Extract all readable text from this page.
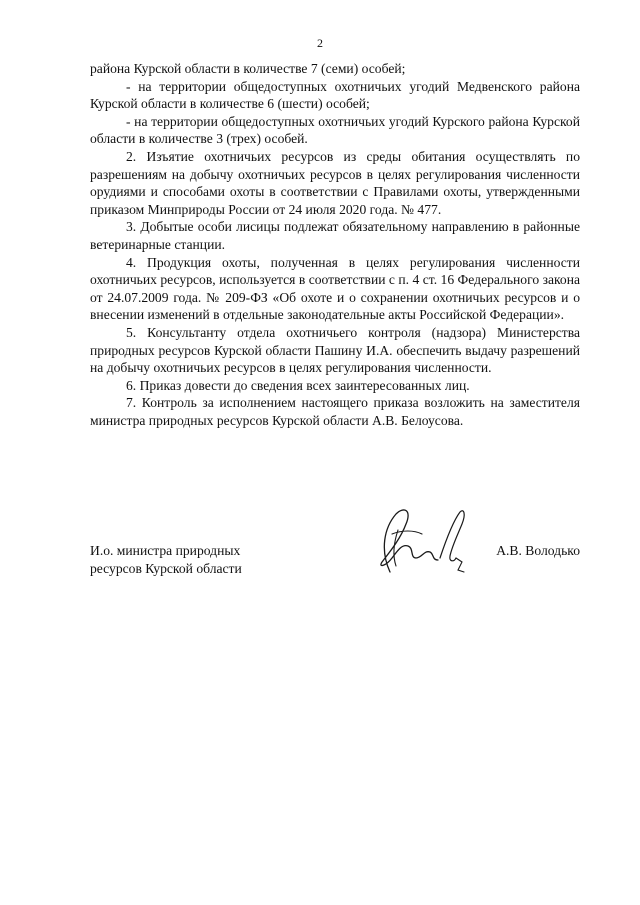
2

района Курской области в количестве 7 (семи) особей;

- на территории общедоступных охотничьих угодий Медвенского района Курской области в количестве 6 (шести) особей;

- на территории общедоступных охотничьих угодий Курского района Курской области в количестве 3 (трех) особей.

2. Изъятие охотничьих ресурсов из среды обитания осуществлять по разрешениям на добычу охотничьих ресурсов в целях регулирования численности орудиями и способами охоты в соответствии с Правилами охоты, утвержденными приказом Минприроды России от 24 июля 2020 года. № 477.

3. Добытые особи лисицы подлежат обязательному направлению в районные ветеринарные станции.

4. Продукция охоты, полученная в целях регулирования численности охотничьих ресурсов, используется в соответствии с п. 4 ст. 16 Федерального закона от 24.07.2009 года. № 209-ФЗ «Об охоте и о сохранении охотничьих ресурсов и о внесении изменений в отдельные законодательные акты Российской Федерации».

5. Консультанту отдела охотничьего контроля (надзора) Министерства природных ресурсов Курской области Пашину И.А. обеспечить выдачу разрешений на добычу охотничьих ресурсов в целях регулирования численности.

6. Приказ довести до сведения всех заинтересованных лиц.

7. Контроль за исполнением настоящего приказа возложить на заместителя министра природных ресурсов Курской области А.В. Белоусова.

И.о. министра природных
ресурсов Курской области
А.В. Володько
